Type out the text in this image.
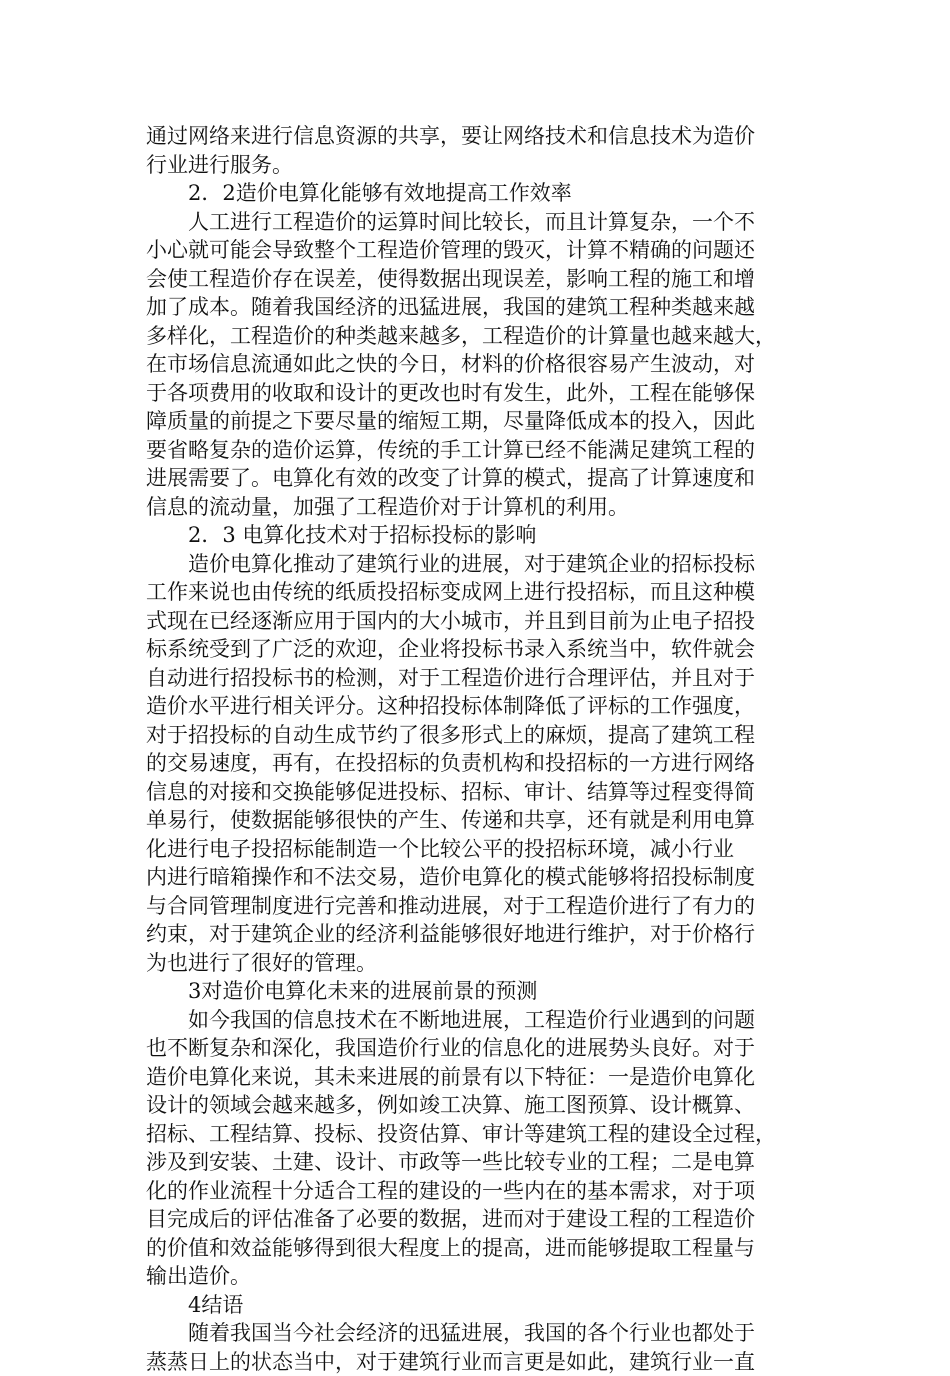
通过网络来进行信息资源的共享，要让网络技术和信息技术为造价
行业进行服务。
2．2造价电算化能够有效地提高工作效率
人工进行工程造价的运算时间比较长，而且计算复杂，一个不
小心就可能会导致整个工程造价管理的毁灭，计算不精确的问题还
会使工程造价存在误差，使得数据出现误差，影响工程的施工和增
加了成本。随着我国经济的迅猛进展，我国的建筑工程种类越来越
多样化，工程造价的种类越来越多，工程造价的计算量也越来越大，
在市场信息流通如此之快的今日，材料的价格很容易产生波动，对
于各项费用的收取和设计的更改也时有发生，此外，工程在能够保
障质量的前提之下要尽量的缩短工期，尽量降低成本的投入，因此
要省略复杂的造价运算，传统的手工计算已经不能满足建筑工程的
进展需要了。电算化有效的改变了计算的模式，提高了计算速度和
信息的流动量，加强了工程造价对于计算机的利用。
2．3 电算化技术对于招标投标的影响
造价电算化推动了建筑行业的进展，对于建筑企业的招标投标
工作来说也由传统的纸质投招标变成网上进行投招标，而且这种模
式现在已经逐渐应用于国内的大小城市，并且到目前为止电子招投
标系统受到了广泛的欢迎，企业将投标书录入系统当中，软件就会
自动进行招投标书的检测，对于工程造价进行合理评估，并且对于
造价水平进行相关评分。这种招投标体制降低了评标的工作强度，
对于招投标的自动生成节约了很多形式上的麻烦，提高了建筑工程
的交易速度，再有，在投招标的负责机构和投招标的一方进行网络
信息的对接和交换能够促进投标、招标、审计、结算等过程变得简
单易行，使数据能够很快的产生、传递和共享，还有就是利用电算
化进行电子投招标能制造一个比较公平的投招标环境，减小行业
内进行暗箱操作和不法交易，造价电算化的模式能够将招投标制度
与合同管理制度进行完善和推动进展，对于工程造价进行了有力的
约束，对于建筑企业的经济利益能够很好地进行维护，对于价格行
为也进行了很好的管理。
3对造价电算化未来的进展前景的预测
如今我国的信息技术在不断地进展，工程造价行业遇到的问题
也不断复杂和深化，我国造价行业的信息化的进展势头良好。对于
造价电算化来说，其未来进展的前景有以下特征：一是造价电算化
设计的领域会越来越多，例如竣工决算、施工图预算、设计概算、
招标、工程结算、投标、投资估算、审计等建筑工程的建设全过程，
涉及到安装、土建、设计、市政等一些比较专业的工程；二是电算
化的作业流程十分适合工程的建设的一些内在的基本需求，对于项
目完成后的评估准备了必要的数据，进而对于建设工程的工程造价
的价值和效益能够得到很大程度上的提高，进而能够提取工程量与
输出造价。
4结语
随着我国当今社会经济的迅猛进展，我国的各个行业也都处于
蒸蒸日上的状态当中，对于建筑行业而言更是如此，建筑行业一直
